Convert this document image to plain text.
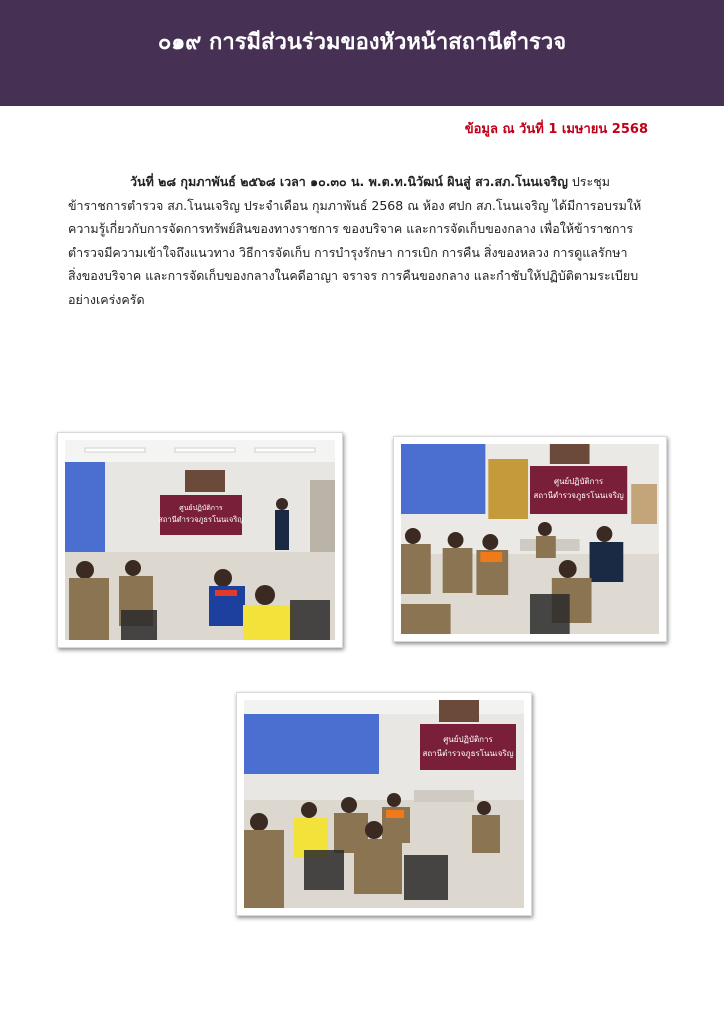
๐๑๙ การมีส่วนร่วมของหัวหน้าสถานีตำรวจ
ข้อมูล ณ วันที่ 1 เมษายน 2568

วันที่ ๒๘ กุมภาพันธ์ ๒๕๖๘ เวลา ๑๐.๓๐ น. พ.ต.ท.นิวัฒน์ ผินสู่ สว.สภ.โนนเจริญ ประชุมข้าราชการตำรวจ สภ.โนนเจริญ ประจำเดือน กุมภาพันธ์ 2568 ณ ห้อง ศปก สภ.โนนเจริญ ได้มีการอบรมให้ความรู้เกี่ยวกับการจัดการทรัพย์สินของทางราชการ ของบริจาค และการจัดเก็บของกลาง เพื่อให้ข้าราชการตำรวจมีความเข้าใจถึงแนวทาง วิธีการจัดเก็บ การบำรุงรักษา การเบิก การคืน สิ่งของหลวง การดูแลรักษาสิ่งของบริจาค และการจัดเก็บของกลางในคดีอาญา จราจร การคืนของกลาง และกำชับให้ปฏิบัติตามระเบียบอย่างเคร่งครัด

ศูนย์ปฏิบัติการ
สถานีตำรวจภูธรโนนเจริญ
ศูนย์ปฏิบัติการ
สถานีตำรวจภูธรโนนเจริญ
ศูนย์ปฏิบัติการ
สถานีตำรวจภูธรโนนเจริญ
